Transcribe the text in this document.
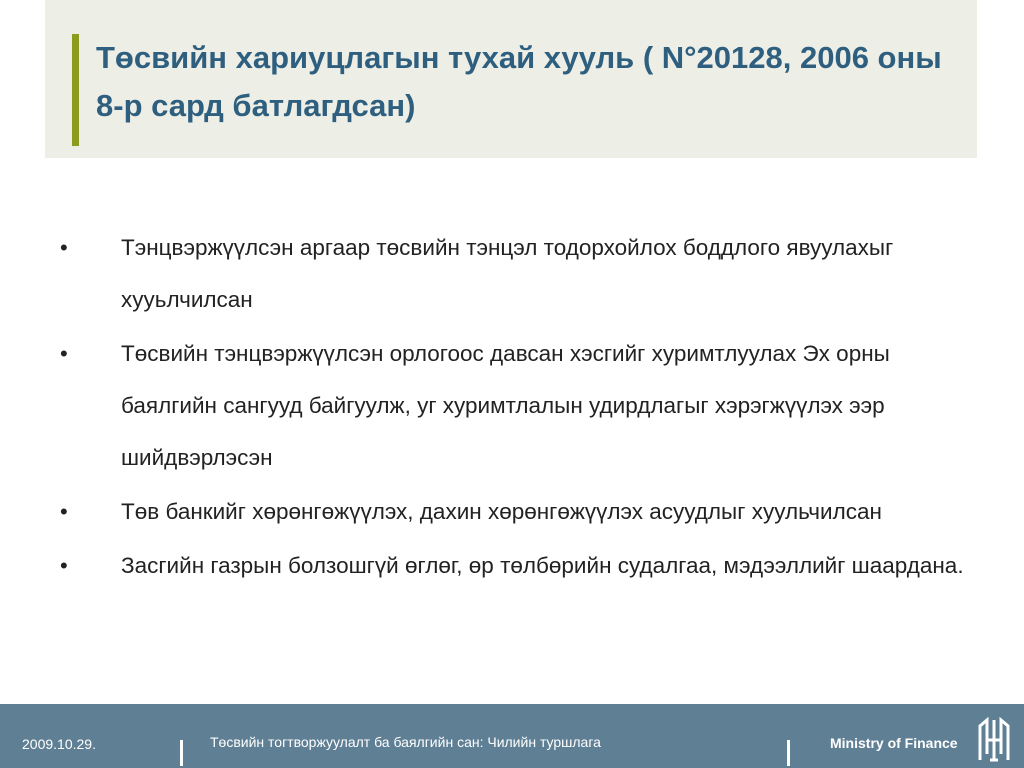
Төсвийн хариуцлагын тухай хууль ( N°20128, 2006 оны 8-р сард батлагдсан)
• Тэнцвэржүүлсэн аргаар төсвийн тэнцэл тодорхойлох боддлого явуулахыг хууьлчилсан
• Төсвийн тэнцвэржүүлсэн орлогоос давсан хэсгийг хуримтлуулах Эх орны баялгийн сангууд байгуулж, уг хуримтлалын удирдлагыг хэрэгжүүлэх ээр шийдвэрлэсэн
• Төв банкийг хөрөнгөжүүлэх, дахин хөрөнгөжүүлэх асуудлыг хуульчилсан
• Засгийн газрын болзошгүй өглөг, өр төлбөрийн судалгаа, мэдээллийг шаардана.
2009.10.29.	Төсвийн тогтворжуулалт ба баялгийн сан: Чилийн туршлага	Ministry of Finance
